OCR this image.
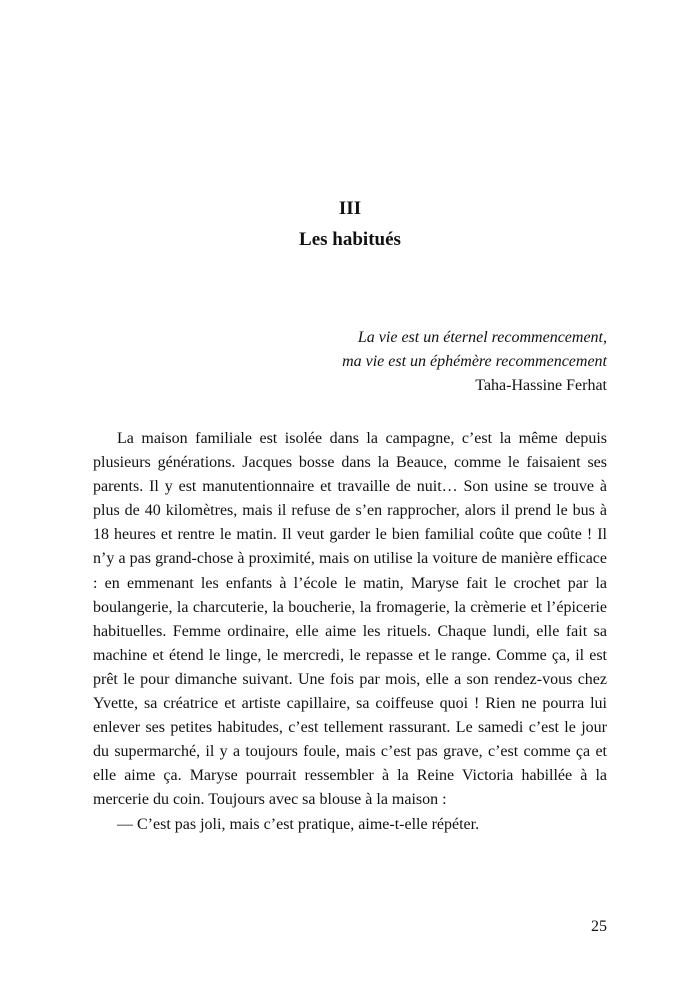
III
Les habitués
La vie est un éternel recommencement,
ma vie est un éphémère recommencement
Taha-Hassine Ferhat

La maison familiale est isolée dans la campagne, c’est la même depuis plusieurs générations. Jacques bosse dans la Beauce, comme le faisaient ses parents. Il y est manutentionnaire et travaille de nuit… Son usine se trouve à plus de 40 kilomètres, mais il refuse de s’en rapprocher, alors il prend le bus à 18 heures et rentre le matin. Il veut garder le bien familial coûte que coûte ! Il n’y a pas grand-chose à proximité, mais on utilise la voiture de manière efficace : en emmenant les enfants à l’école le matin, Maryse fait le crochet par la boulangerie, la charcuterie, la boucherie, la fromagerie, la crèmerie et l’épicerie habituelles. Femme ordinaire, elle aime les rituels. Chaque lundi, elle fait sa machine et étend le linge, le mercredi, le repasse et le range. Comme ça, il est prêt le pour dimanche suivant. Une fois par mois, elle a son rendez-vous chez Yvette, sa créatrice et artiste capillaire, sa coiffeuse quoi ! Rien ne pourra lui enlever ses petites habitudes, c’est tellement rassurant. Le samedi c’est le jour du supermarché, il y a toujours foule, mais c’est pas grave, c’est comme ça et elle aime ça. Maryse pourrait ressembler à la Reine Victoria habillée à la mercerie du coin. Toujours avec sa blouse à la maison :

— C’est pas joli, mais c’est pratique, aime-t-elle répéter.

25
